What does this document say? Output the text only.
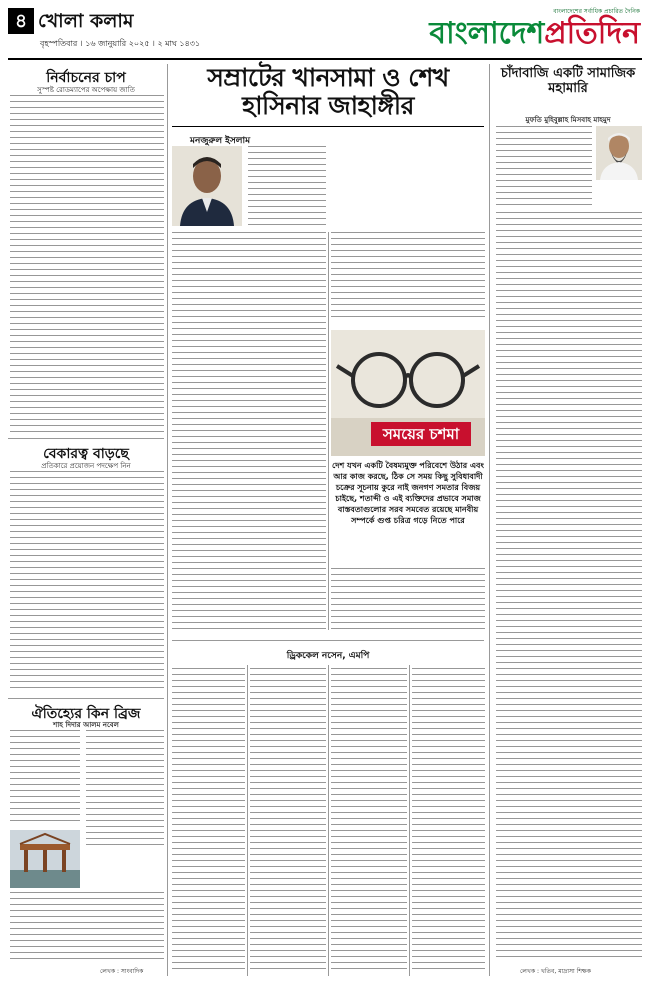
৪ খোলা কলাম
বৃহস্পতিবার । ১৬ জানুয়ারি ২০২৫ । ২ মাঘ ১৪৩১
বাংলাদেশের সর্বাধিক প্রচারিত দৈনিক
বাংলাদেশপ্রতিদিন
নির্বাচনের চাপ
সুস্পষ্ট রোডম্যাপের অপেক্ষায় জাতি
বেকারত্ব বাড়ছে
প্রতিকারে প্রয়োজন পদক্ষেপ নিন
ঐতিহ্যের কিন ব্রিজ
শাহ দিদার আলম নবেল
লেখক : সাংবাদিক
সম্রাটের খানসামা ও শেখ হাসিনার জাহাঙ্গীর
মনজুরুল ইসলাম
সময়ের চশমা
দেশ যখন একটি বৈষম্যমুক্ত পরিবেশে উঠার এবং আর কাজ করছে, ঠিক সে সময় কিছু সুবিধাবাদী চক্রের সূচনায় কুরে নাই জনগণ সমতার বিজয় চাইছে, শতাব্দী ও এই ব্যক্তিদের প্রভাবে সমাজ বাস্তবতাগুলোর সরব সমবেত রয়েছে মানবীয় সম্পর্কে গুপ্ত চরিত্র গড়ে নিতে পারে
ড্রিককেল নসেন, এমপি
চাঁদাবাজি একটি সামাজিক মহামারি
মুফতি মুহিবুল্লাহ মিসবাহ মাহমুদ
লেখক : খতিব, মাদ্রাসা শিক্ষক
